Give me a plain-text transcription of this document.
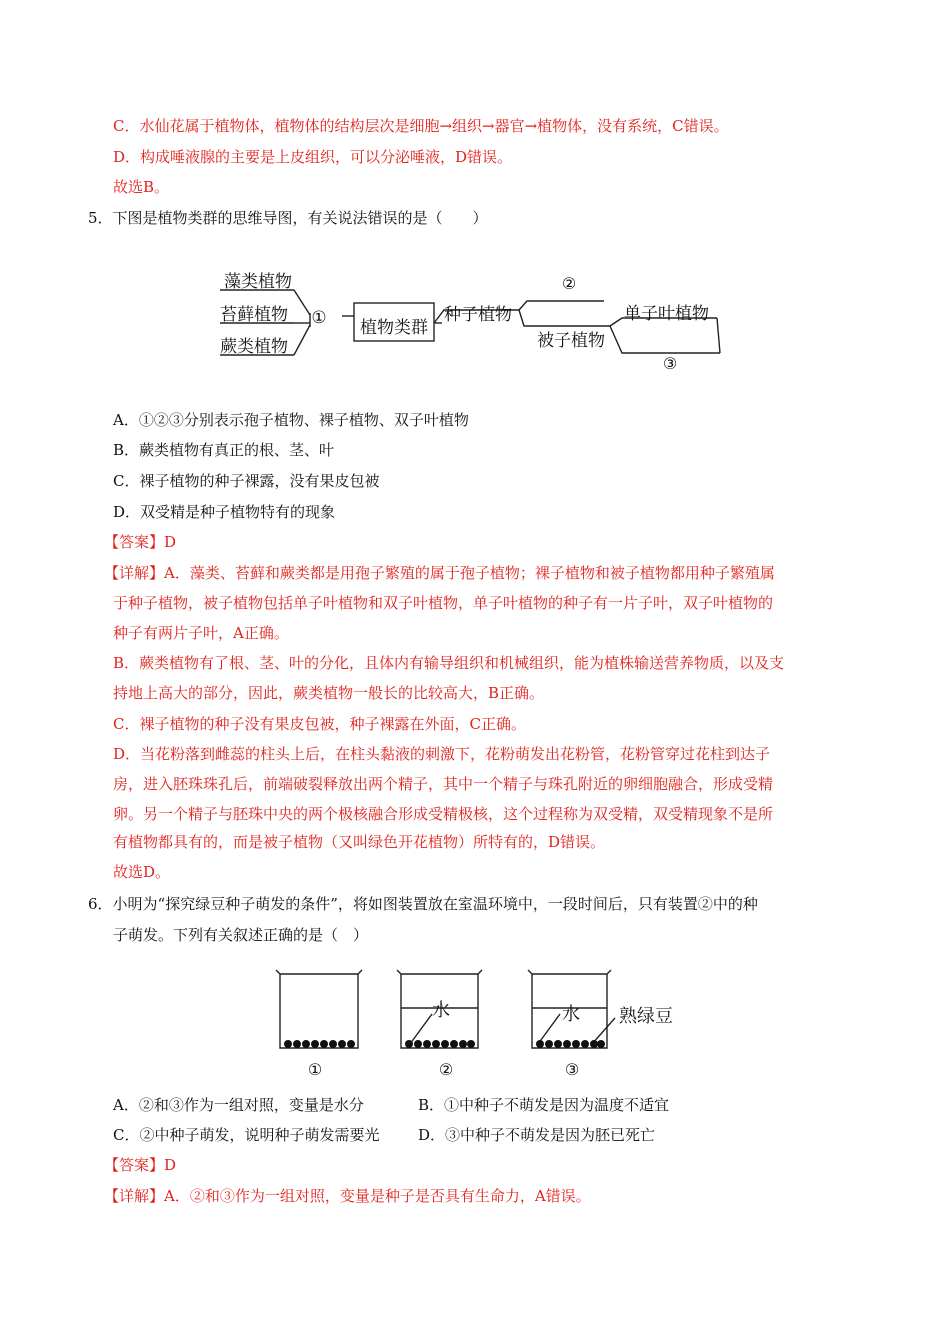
C．水仙花属于植物体，植物体的结构层次是细胞→组织→器官→植物体，没有系统，C错误。
D．构成唾液腺的主要是上皮组织，可以分泌唾液，D错误。
故选B。
5．下图是植物类群的思维导图，有关说法错误的是（　　）
藻类植物
苔藓植物
蕨类植物
① 植物类群
种子植物
②
被子植物
单子叶植物
③
A．①②③分别表示孢子植物、裸子植物、双子叶植物
B．蕨类植物有真正的根、茎、叶
C．裸子植物的种子裸露，没有果皮包被
D．双受精是种子植物特有的现象
【答案】D
【详解】A．藻类、苔藓和蕨类都是用孢子繁殖的属于孢子植物；裸子植物和被子植物都用种子繁殖属
于种子植物，被子植物包括单子叶植物和双子叶植物，单子叶植物的种子有一片子叶，双子叶植物的
种子有两片子叶，A正确。
B．蕨类植物有了根、茎、叶的分化，且体内有输导组织和机械组织，能为植株输送营养物质，以及支
持地上高大的部分，因此，蕨类植物一般长的比较高大，B正确。
C．裸子植物的种子没有果皮包被，种子裸露在外面，C正确。
D．当花粉落到雌蕊的柱头上后，在柱头黏液的刺激下，花粉萌发出花粉管，花粉管穿过花柱到达子
房，进入胚珠珠孔后，前端破裂释放出两个精子，其中一个精子与珠孔附近的卵细胞融合，形成受精
卵。另一个精子与胚珠中央的两个极核融合形成受精极核，这个过程称为双受精，双受精现象不是所
有植物都具有的，而是被子植物（又叫绿色开花植物）所特有的，D错误。
故选D。
6．小明为“探究绿豆种子萌发的条件”，将如图装置放在室温环境中，一段时间后，只有装置②中的种
子萌发。下列有关叙述正确的是（　）
水	水 熟绿豆
①	②	③
A．②和③作为一组对照，变量是水分	B．①中种子不萌发是因为温度不适宜
C．②中种子萌发，说明种子萌发需要光	D．③中种子不萌发是因为胚已死亡
【答案】D
【详解】A．②和③作为一组对照，变量是种子是否具有生命力，A错误。
